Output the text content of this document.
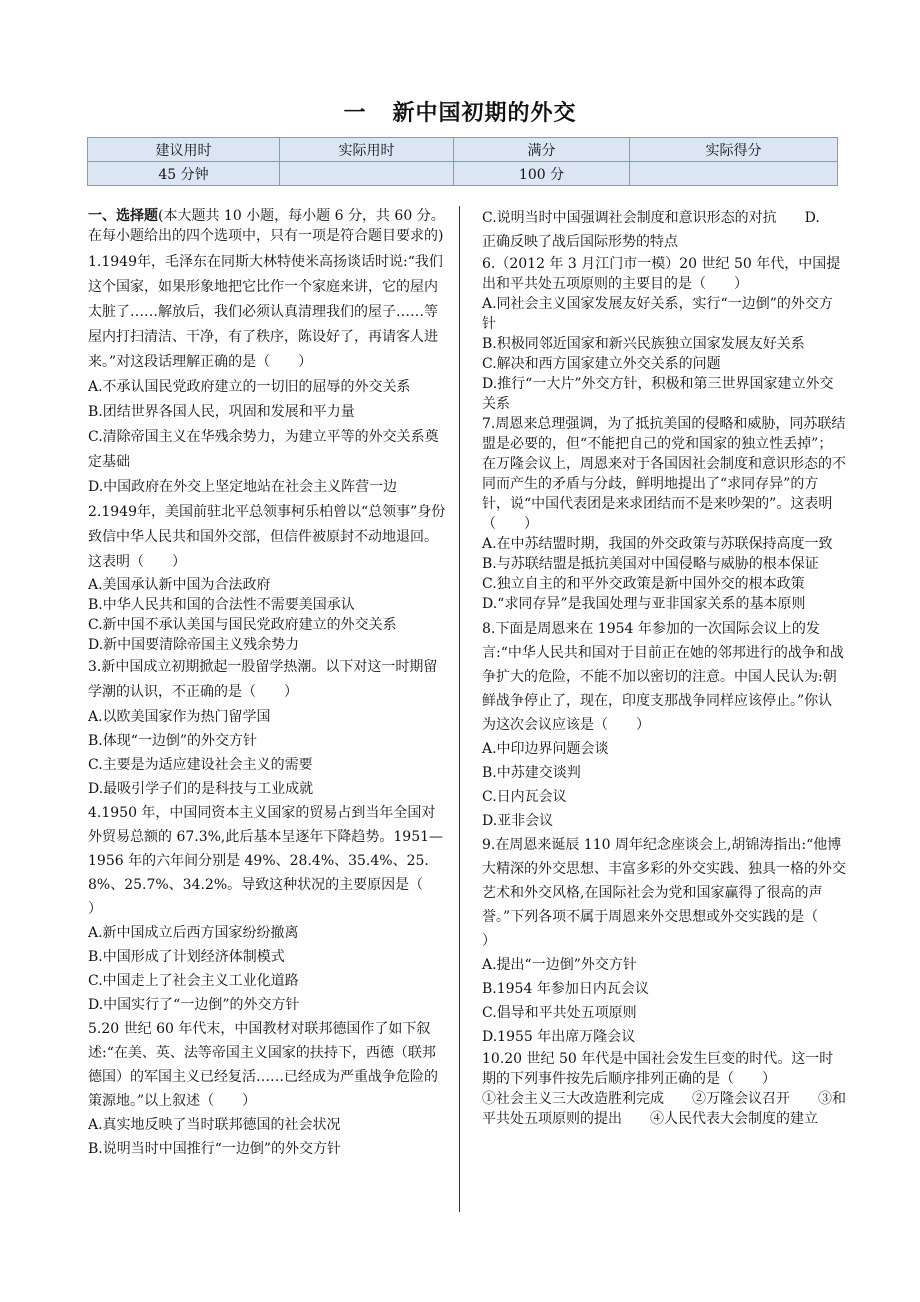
一 新中国初期的外交
建议用时	实际用时	满分	实际得分
45 分钟		100 分	

一、选择题(本大题共 10 小题，每小题 6 分，共 60 分。在每小题给出的四个选项中，只有一项是符合题目要求的)

1.1949年，毛泽东在同斯大林特使米高扬谈话时说:“我们这个国家，如果形象地把它比作一个家庭来讲，它的屋内太脏了……解放后，我们必须认真清理我们的屋子……等屋内打扫清洁、干净，有了秩序，陈设好了，再请客人进来。”对这段话理解正确的是（　　）

A.不承认国民党政府建立的一切旧的屈辱的外交关系

B.团结世界各国人民，巩固和发展和平力量

C.清除帝国主义在华残余势力，为建立平等的外交关系奠定基础

D.中国政府在外交上坚定地站在社会主义阵营一边

2.1949年，美国前驻北平总领事柯乐柏曾以“总领事”身份致信中华人民共和国外交部，但信件被原封不动地退回。这表明（　　）

A.美国承认新中国为合法政府

B.中华人民共和国的合法性不需要美国承认

C.新中国不承认美国与国民党政府建立的外交关系

D.新中国要清除帝国主义残余势力

3.新中国成立初期掀起一股留学热潮。以下对这一时期留学潮的认识，不正确的是（　　）

A.以欧美国家作为热门留学国

B.体现“一边倒”的外交方针

C.主要是为适应建设社会主义的需要

D.最吸引学子们的是科技与工业成就

4.1950 年，中国同资本主义国家的贸易占到当年全国对外贸易总额的 67.3%,此后基本呈逐年下降趋势。1951—1956 年的六年间分别是 49%、28.4%、35.4%、25.8%、25.7%、34.2%。导致这种状况的主要原因是（　　）

A.新中国成立后西方国家纷纷撤离

B.中国形成了计划经济体制模式

C.中国走上了社会主义工业化道路

D.中国实行了“一边倒”的外交方针

5.20 世纪 60 年代末，中国教材对联邦德国作了如下叙述:“在美、英、法等帝国主义国家的扶持下，西德（联邦德国）的军国主义已经复活……已经成为严重战争危险的策源地。”以上叙述（　　）

A.真实地反映了当时联邦德国的社会状况

B.说明当时中国推行“一边倒”的外交方针

C.说明当时中国强调社会制度和意识形态的对抗　　D.

正确反映了战后国际形势的特点

6.（2012 年 3 月江门市一模）20 世纪 50 年代，中国提出和平共处五项原则的主要目的是（　　）

A.同社会主义国家发展友好关系，实行“一边倒”的外交方针

B.积极同邻近国家和新兴民族独立国家发展友好关系

C.解决和西方国家建立外交关系的问题

D.推行“一大片”外交方针，积极和第三世界国家建立外交关系

7.周恩来总理强调，为了抵抗美国的侵略和威胁，同苏联结盟是必要的，但“不能把自己的党和国家的独立性丢掉”；在万隆会议上，周恩来对于各国因社会制度和意识形态的不同而产生的矛盾与分歧，鲜明地提出了“求同存异”的方针，说“中国代表团是来求团结而不是来吵架的”。这表明（　　）

A.在中苏结盟时期，我国的外交政策与苏联保持高度一致

B.与苏联结盟是抵抗美国对中国侵略与威胁的根本保证

C.独立自主的和平外交政策是新中国外交的根本政策

D.“求同存异”是我国处理与亚非国家关系的基本原则

8.下面是周恩来在 1954 年参加的一次国际会议上的发言:“中华人民共和国对于目前正在她的邻邦进行的战争和战争扩大的危险，不能不加以密切的注意。中国人民认为:朝鲜战争停止了，现在，印度支那战争同样应该停止。”你认为这次会议应该是（　　）

A.中印边界问题会谈

B.中苏建交谈判

C.日内瓦会议

D.亚非会议

9.在周恩来诞辰 110 周年纪念座谈会上,胡锦涛指出:“他博大精深的外交思想、丰富多彩的外交实践、独具一格的外交艺术和外交风格,在国际社会为党和国家赢得了很高的声誉。”下列各项不属于周恩来外交思想或外交实践的是（　　）

A.提出“一边倒”外交方针

B.1954 年参加日内瓦会议

C.倡导和平共处五项原则

D.1955 年出席万隆会议

10.20 世纪 50 年代是中国社会发生巨变的时代。这一时期的下列事件按先后顺序排列正确的是（　　）

①社会主义三大改造胜利完成　　②万隆会议召开　　③和平共处五项原则的提出　　④人民代表大会制度的建立
